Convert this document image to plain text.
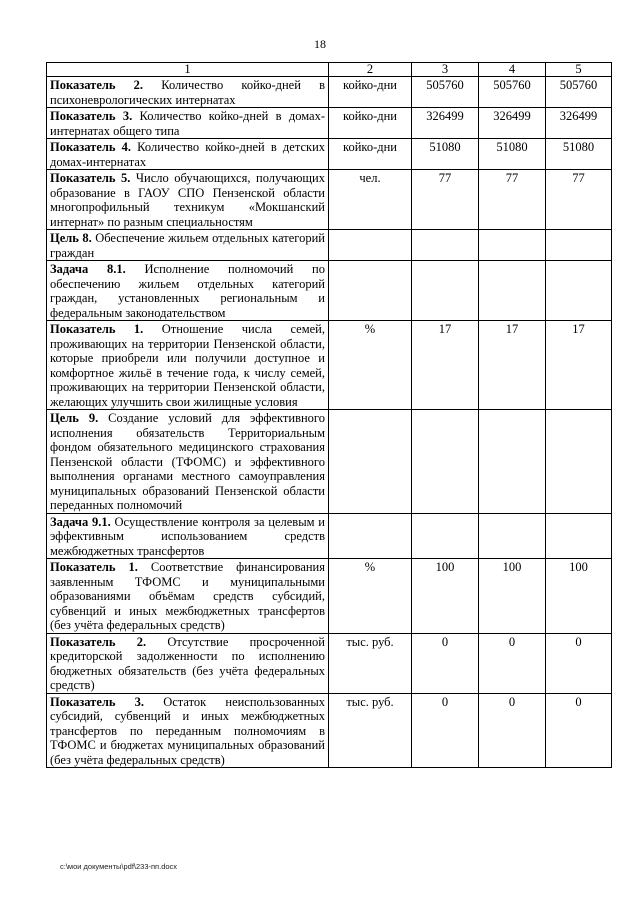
18
1	2	3	4	5
Показатель 2. Количество койко-дней в психоневрологических интернатах	койко-дни	505760	505760	505760
Показатель 3. Количество койко-дней в домах-интернатах общего типа	койко-дни	326499	326499	326499
Показатель 4. Количество койко-дней в детских домах-интернатах	койко-дни	51080	51080	51080
Показатель 5. Число обучающихся, получающих образование в ГАОУ СПО Пензенской области многопрофильный техникум «Мокшанский интернат» по разным специальностям	чел.	77	77	77
Цель 8. Обеспечение жильем отдельных категорий граждан				
Задача 8.1. Исполнение полномочий по обеспечению жильем отдельных категорий граждан, установленных региональным и федеральным законодательством				
Показатель 1. Отношение числа семей, проживающих на территории Пензенской области, которые приобрели или получили доступное и комфортное жильё в течение года, к числу семей, проживающих на территории Пензенской области, желающих улучшить свои жилищные условия	%	17	17	17
Цель 9. Создание условий для эффективного исполнения обязательств Территориальным фондом обязательного медицинского страхования Пензенской области (ТФОМС) и эффективного выполнения органами местного самоуправления муниципальных образований Пензенской области переданных полномочий				
Задача 9.1. Осуществление контроля за целевым и эффективным использованием средств межбюджетных трансфертов				
Показатель 1. Соответствие финансирования заявленным ТФОМС и муниципальными образованиями объёмам средств субсидий, субвенций и иных межбюджетных трансфертов (без учёта федеральных средств)	%	100	100	100
Показатель 2. Отсутствие просроченной кредиторской задолженности по исполнению бюджетных обязательств (без учёта федеральных средств)	тыс. руб.	0	0	0
Показатель 3. Остаток неиспользованных субсидий, субвенций и иных межбюджетных трансфертов по переданным полномочиям в ТФОМС и бюджетах муниципальных образований (без учёта федеральных средств)	тыс. руб.	0	0	0
c:\мои документы\pdf\233-пп.docx
